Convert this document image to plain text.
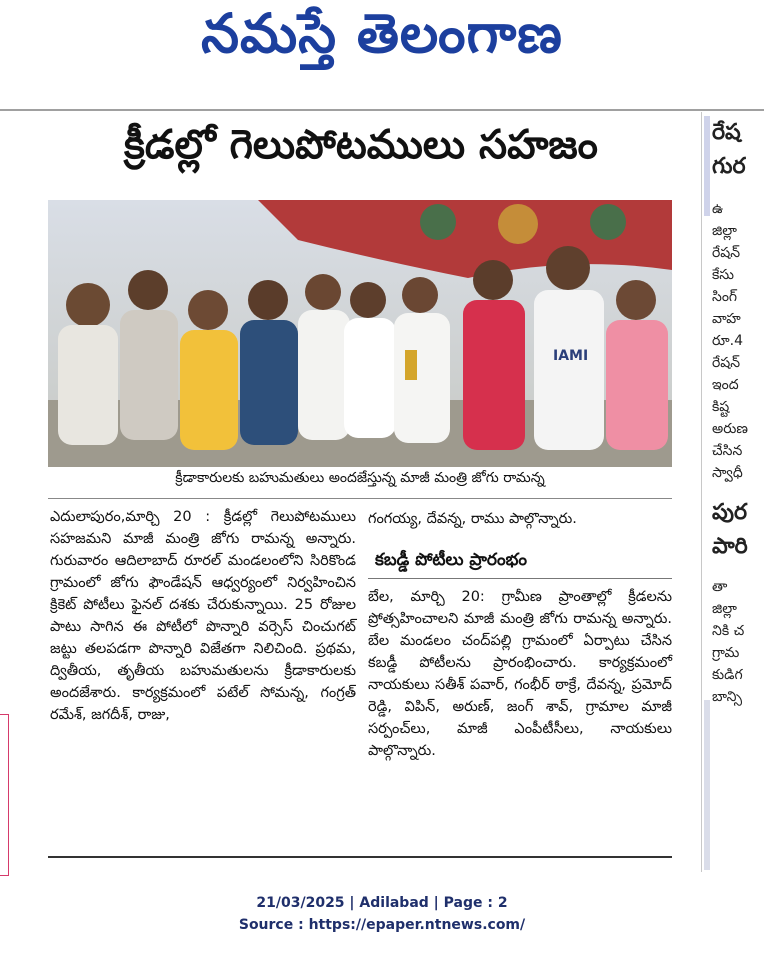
నమస్తే తెలంగాణ
క్రీడల్లో గెలుపోటములు సహజం
IAMI
క్రీడాకారులకు బహుమతులు అందజేస్తున్న మాజీ మంత్రి జోగు రామన్న
ఎదులాపురం,మార్చి 20 : క్రీడల్లో గెలుపోటములు సహజమని మాజీ మంత్రి జోగు రామన్న అన్నారు. గురువారం ఆదిలాబాద్ రూరల్ మండలంలోని సిరికొండ గ్రామంలో జోగు ఫౌండేషన్ ఆధ్వర్యంలో నిర్వహించిన క్రికెట్ పోటీలు ఫైనల్ దశకు చేరుకున్నాయి. 25 రోజుల పాటు సాగిన ఈ పోటీలో పొన్నారి వర్సెస్ చించుగట్ జట్టు తలపడగా పొన్నారి విజేతగా నిలిచింది. ప్రథమ, ద్వితీయ, తృతీయ బహుమతులను క్రీడాకారులకు అందజేశారు. కార్యక్రమంలో పటేల్ సోమన్న, గంగ్రత్ రమేశ్, జగదీశ్, రాజు,
గంగయ్య, దేవన్న, రాము పాల్గొన్నారు.
కబడ్డీ పోటీలు ప్రారంభం
బేల, మార్చి 20: గ్రామీణ ప్రాంతాల్లో క్రీడలను ప్రోత్సహించాలని మాజీ మంత్రి జోగు రామన్న అన్నారు. బేల మండలం చంద్‌పల్లి గ్రామంలో ఏర్పాటు చేసిన కబడ్డీ పోటీలను ప్రారంభించారు. కార్యక్రమంలో నాయకులు సతీశ్ పవార్, గంభీర్ ఠాక్రే, దేవన్న, ప్రమోద్ రెడ్డి, విపిన్, అరుణ్, జంగ్ శావ్, గ్రామాల మాజీ సర్పంచ్‌లు, మాజీ ఎంపీటీసీలు, నాయకులు పాల్గొన్నారు.
రేష
గుర
ఉ
జిల్లా
రేషన్
కేసు
సింగ్
వాహ
రూ.4
రేషన్
ఇంద
కిష్ట
అరుణ
చేసిన
స్వాధీ
పుర
పారి
తా
జిల్లా
నికి చ
గ్రామ
కుడిగ
బాన్సి
21/03/2025 | Adilabad | Page : 2
Source : https://epaper.ntnews.com/
